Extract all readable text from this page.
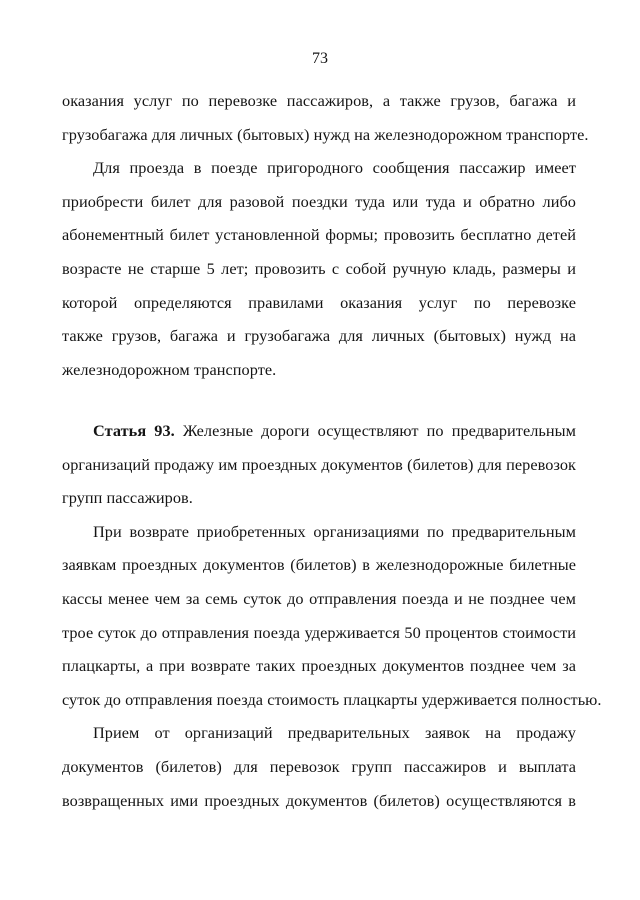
73
оказания услуг по перевозке пассажиров, а также грузов, багажа и
грузобагажа для личных (бытовых) нужд на железнодорожном транспорте.
Для проезда в поезде пригородного сообщения пассажир имеет
приобрести билет для разовой поездки туда или туда и обратно либо
абонементный билет установленной формы; провозить бесплатно детей
возрасте не старше 5 лет; провозить с собой ручную кладь, размеры и
которой определяются правилами оказания услуг по перевозке
также грузов, багажа и грузобагажа для личных (бытовых) нужд на
железнодорожном транспорте.
Статья 93. Железные дороги осуществляют по предварительным
организаций продажу им проездных документов (билетов) для перевозок
групп пассажиров.
При возврате приобретенных организациями по предварительным
заявкам проездных документов (билетов) в железнодорожные билетные
кассы менее чем за семь суток до отправления поезда и не позднее чем
трое суток до отправления поезда удерживается 50 процентов стоимости
плацкарты, а при возврате таких проездных документов позднее чем за
суток до отправления поезда стоимость плацкарты удерживается полностью.
Прием от организаций предварительных заявок на продажу
документов (билетов) для перевозок групп пассажиров и выплата
возвращенных ими проездных документов (билетов) осуществляются в
